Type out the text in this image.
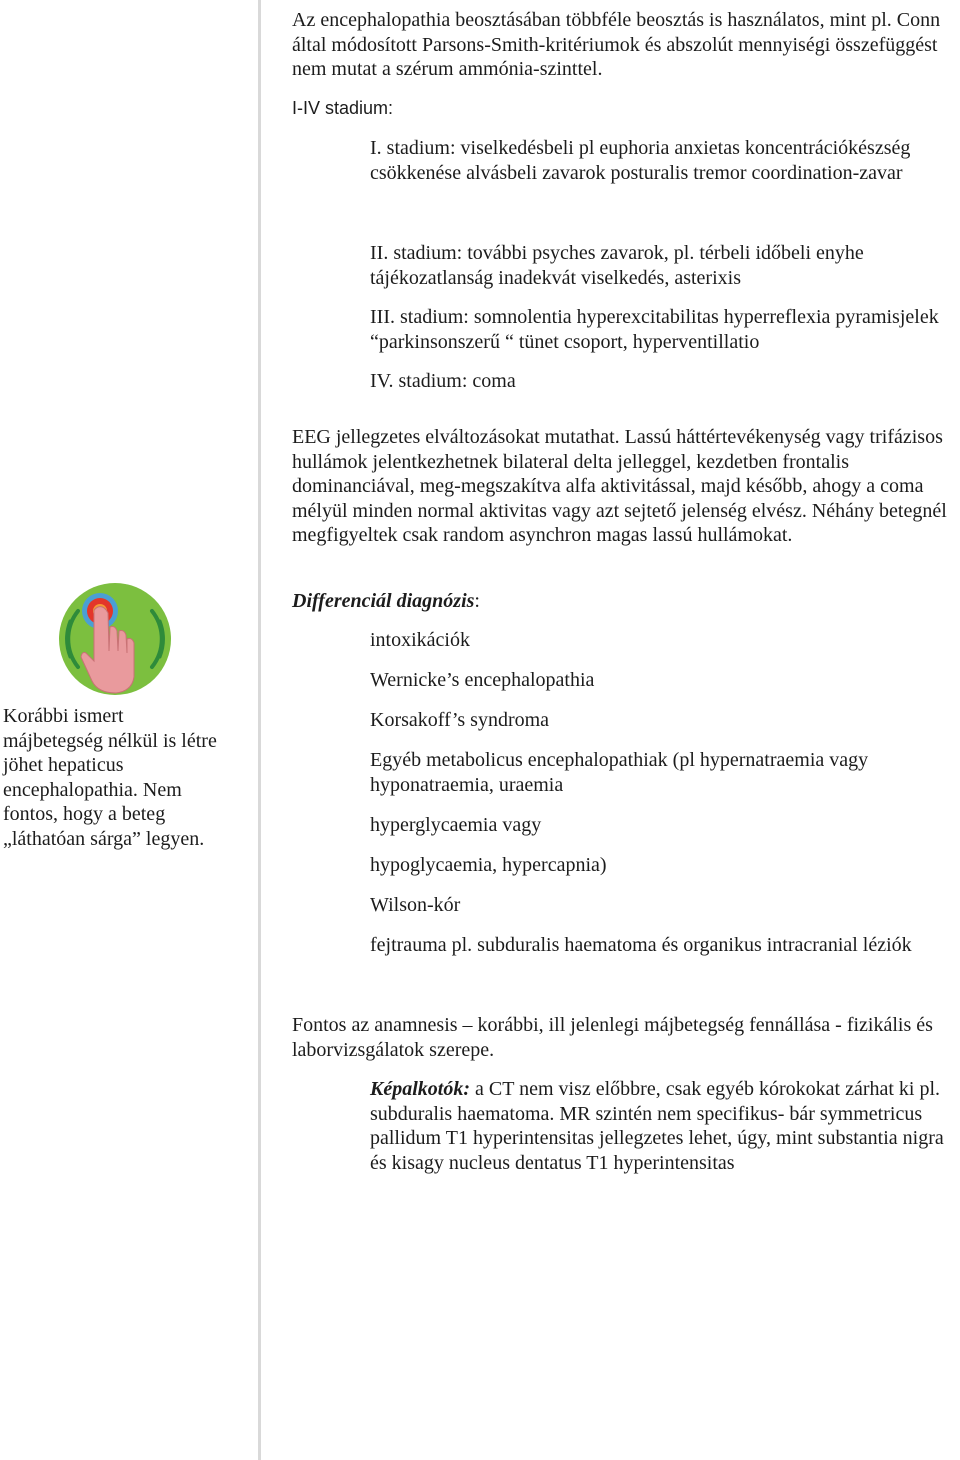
Korábbi ismert májbetegség nélkül is létre jöhet hepaticus encephalopathia. Nem fontos, hogy a beteg „láthatóan sárga” legyen.
Az encephalopathia beosztásában többféle beosztás is használatos, mint pl. Conn által módosított Parsons-Smith-kritériumok és abszolút mennyiségi összefüggést nem mutat a szérum ammónia-szinttel.
I-IV stadium:
I. stadium: viselkedésbeli pl euphoria anxietas koncentrációkészség csökkenése alvásbeli zavarok posturalis tremor coordination-zavar
II. stadium: további psyches zavarok, pl. térbeli időbeli enyhe tájékozatlanság inadekvát viselkedés, asterixis
III. stadium: somnolentia hyperexcitabilitas hyperreflexia pyramisjelek “parkinsonszerű “ tünet csoport, hyperventillatio
IV. stadium: coma
EEG jellegzetes elváltozásokat mutathat. Lassú háttértevékenység vagy trifázisos hullámok jelentkezhetnek bilateral delta jelleggel, kezdetben frontalis dominanciával, meg-megszakítva alfa aktivitással, majd később, ahogy a coma mélyül minden normal aktivitas vagy azt sejtető jelenség elvész. Néhány betegnél megfigyeltek csak random asynchron magas lassú hullámokat.
Differenciál diagnózis:
intoxikációk
Wernicke’s encephalopathia
Korsakoff’s syndroma
Egyéb metabolicus encephalopathiak (pl hypernatraemia vagy hyponatraemia, uraemia
hyperglycaemia vagy
hypoglycaemia, hypercapnia)
Wilson-kór
fejtrauma pl. subduralis haematoma és organikus intracranial léziók
Fontos az anamnesis – korábbi, ill jelenlegi májbetegség fennállása - fizikális és laborvizsgálatok szerepe.
Képalkotók: a CT nem visz előbbre, csak egyéb kórokokat zárhat ki pl. subduralis haematoma. MR szintén nem specifikus- bár symmetricus pallidum T1 hyperintensitas jellegzetes lehet, úgy, mint substantia nigra és kisagy nucleus dentatus T1 hyperintensitas
